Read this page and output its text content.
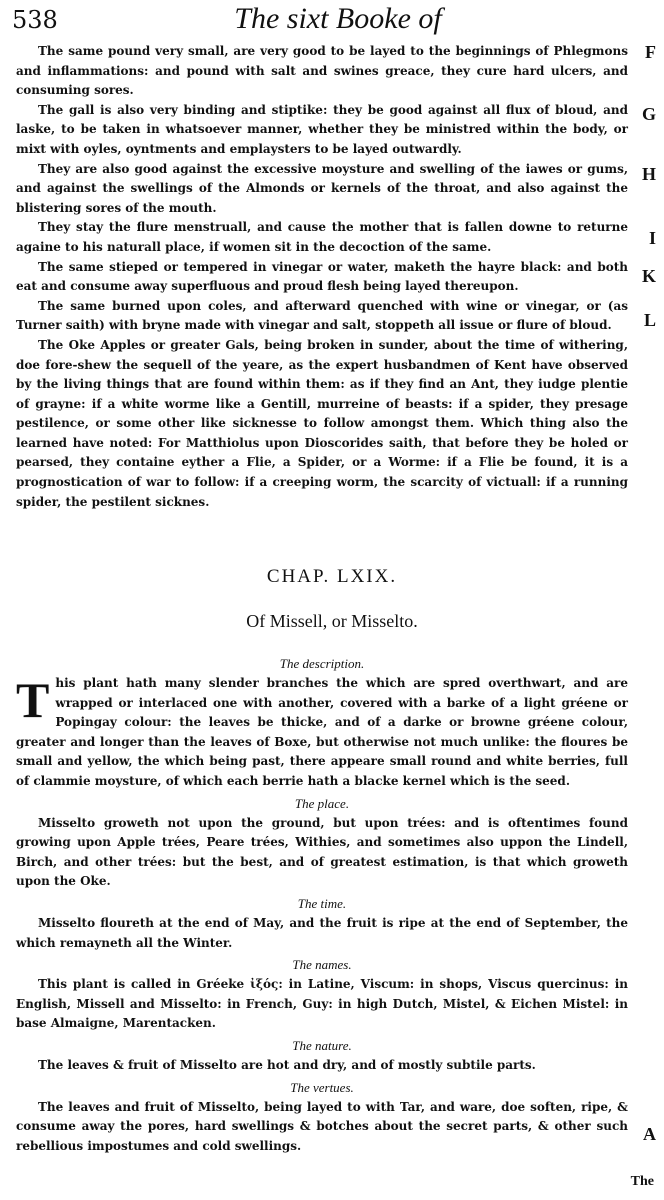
538	The sixt Booke of

The same pound very small, are very good to be layed to the beginnings of Phlegmons and inflammations: and pound with salt and swines greace, they cure hard ulcers, and consuming sores.

The gall is also very binding and stiptike: they be good against all flux of bloud, and laske, to be taken in whatsoever manner, whether they be ministred within the body, or mixt with oyles, oyntments and emplaysters to be layed outwardly.

They are also good against the excessive moysture and swelling of the iawes or gums, and against the swellings of the Almonds or kernels of the throat, and also against the blistering sores of the mouth.

They stay the flure menstruall, and cause the mother that is fallen downe to returne againe to his naturall place, if women sit in the decoction of the same.

The same stieped or tempered in vinegar or water, maketh the hayre black: and both eat and consume away superfluous and proud flesh being layed thereupon.

The same burned upon coles, and afterward quenched with wine or vinegar, or (as Turner saith) with bryne made with vinegar and salt, stoppeth all issue or flure of bloud.

The Oke Apples or greater Gals, being broken in sunder, about the time of withering, doe fore-shew the sequell of the yeare, as the expert husbandmen of Kent have observed by the living things that are found within them: as if they find an Ant, they iudge plentie of grayne: if a white worme like a Gentill, murreine of beasts: if a spider, they presage pestilence, or some other like sicknesse to follow amongst them. Which thing also the learned have noted: For Matthiolus upon Dioscorides saith, that before they be holed or pearsed, they containe eyther a Flie, a Spider, or a Worme: if a Flie be found, it is a prognostication of war to follow: if a creeping worm, the scarcity of victuall: if a running spider, the pestilent sicknes.

F
G
H
I
K
L
CHAP. LXIX.
Of Missell, or Misselto.
The description.

This plant hath many slender branches the which are spred overthwart, and are wrapped or interlaced one with another, covered with a barke of a light gréene or Popingay colour: the leaves be thicke, and of a darke or browne gréene colour, greater and longer than the leaves of Boxe, but otherwise not much unlike: the floures be small and yellow, the which being past, there appeare small round and white berries, full of clammie moysture, of which each berrie hath a blacke kernel which is the seed.

The place.

Misselto groweth not upon the ground, but upon trées: and is oftentimes found growing upon Apple trées, Peare trées, Withies, and sometimes also uppon the Lindell, Birch, and other trées: but the best, and of greatest estimation, is that which groweth upon the Oke.

The time.

Misselto floureth at the end of May, and the fruit is ripe at the end of September, the which remayneth all the Winter.

The names.

This plant is called in Gréeke ἰξός: in Latine, Viscum: in shops, Viscus quercinus: in English, Missell and Misselto: in French, Guy: in high Dutch, Mistel, & Eichen Mistel: in base Almaigne, Marentacken.

The nature.

The leaves & fruit of Misselto are hot and dry, and of mostly subtile parts.

The vertues.

The leaves and fruit of Misselto, being layed to with Tar, and ware, doe soften, ripe, & consume away the pores, hard swellings & botches about the secret parts, & other such rebellious impostumes and cold swellings.

A
The
